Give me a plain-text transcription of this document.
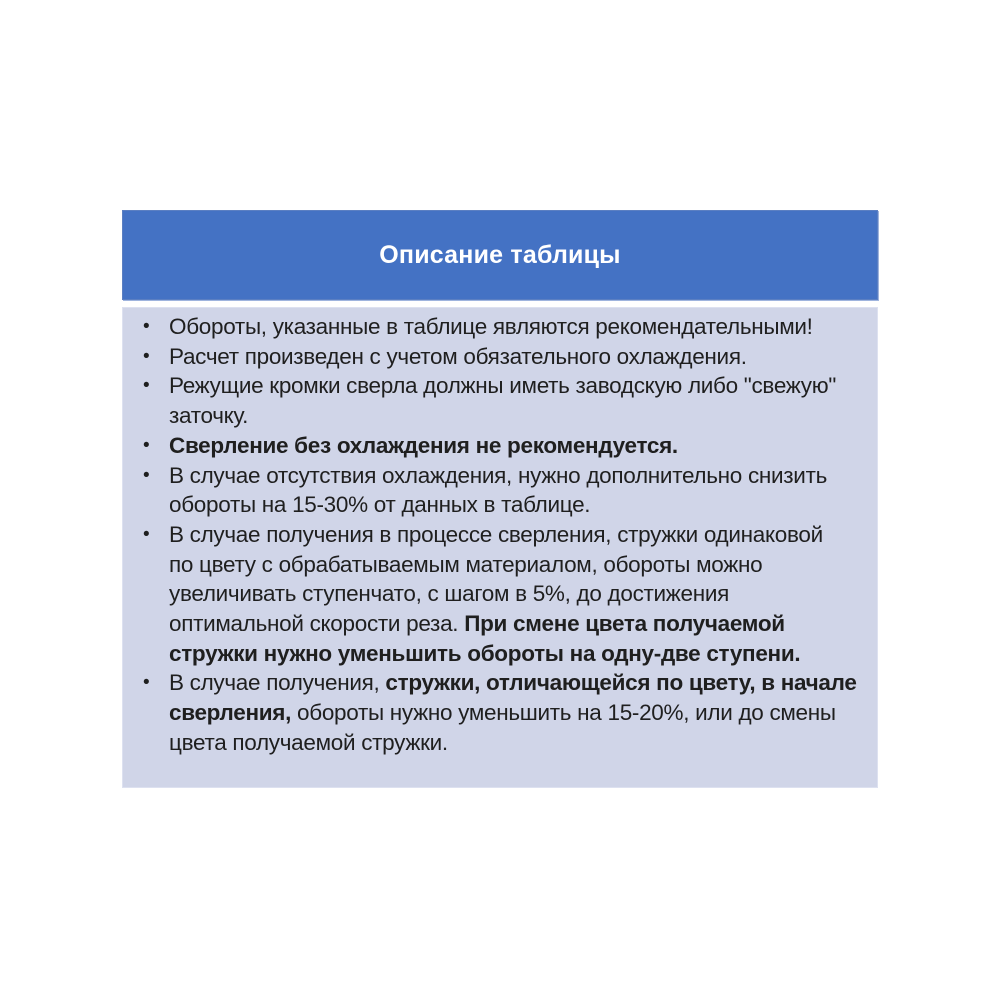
Описание таблицы
• Обороты, указанные в таблице являются рекомендательными!
• Расчет произведен с учетом обязательного охлаждения.
• Режущие кромки сверла должны иметь заводскую либо "свежую"
заточку.
• Сверление без охлаждения не рекомендуется.
• В случае отсутствия охлаждения, нужно дополнительно снизить
обороты на 15-30% от данных в таблице.
• В случае получения в процессе сверления, стружки одинаковой
по цвету с обрабатываемым материалом, обороты можно
увеличивать ступенчато, с шагом в 5%, до достижения
оптимальной скорости реза. При смене цвета получаемой
стружки нужно уменьшить обороты на одну-две ступени.
• В случае получения, стружки, отличающейся по цвету, в начале
сверления, обороты нужно уменьшить на 15-20%, или до смены
цвета получаемой стружки.
